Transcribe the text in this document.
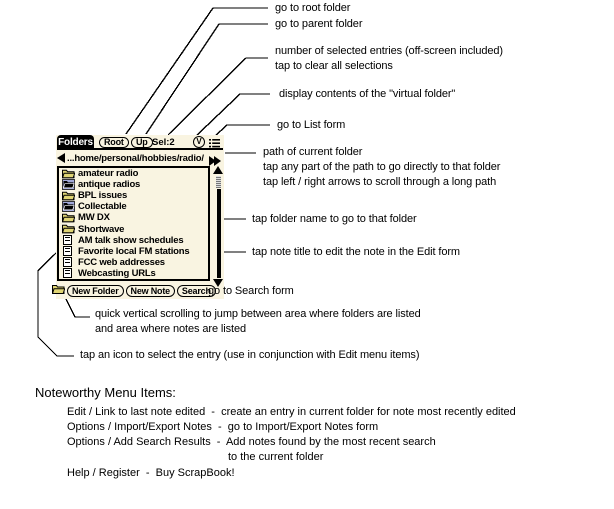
Folders	Root	Up Sel:2	V
...home/personal/hobbies/radio/
amateur radio
antique radios
BPL issues
Collectable
MW DX
Shortwave
AM talk show schedules
Favorite local FM stations
FCC web addresses
Webcasting URLs
New Folder	New Note	Search
go to root folder
go to parent folder
number of selected entries (off-screen included)
tap to clear all selections
display contents of the "virtual folder"
go to List form
path of current folder
tap any part of the path to go directly to that folder
tap left / right arrows to scroll through a long path
tap folder name to go to that folder
tap note title to edit the note in the Edit form
go to Search form
quick vertical scrolling to jump between area where folders are listed
and area where notes are listed
tap an icon to select the entry (use in conjunction with Edit menu items)
Noteworthy Menu Items:
Edit / Link to last note edited  -  create an entry in current folder for note most recently edited
Options / Import/Export Notes  -  go to Import/Export Notes form
Options / Add Search Results  -  Add notes found by the most recent search
to the current folder
Help / Register  -  Buy ScrapBook!
